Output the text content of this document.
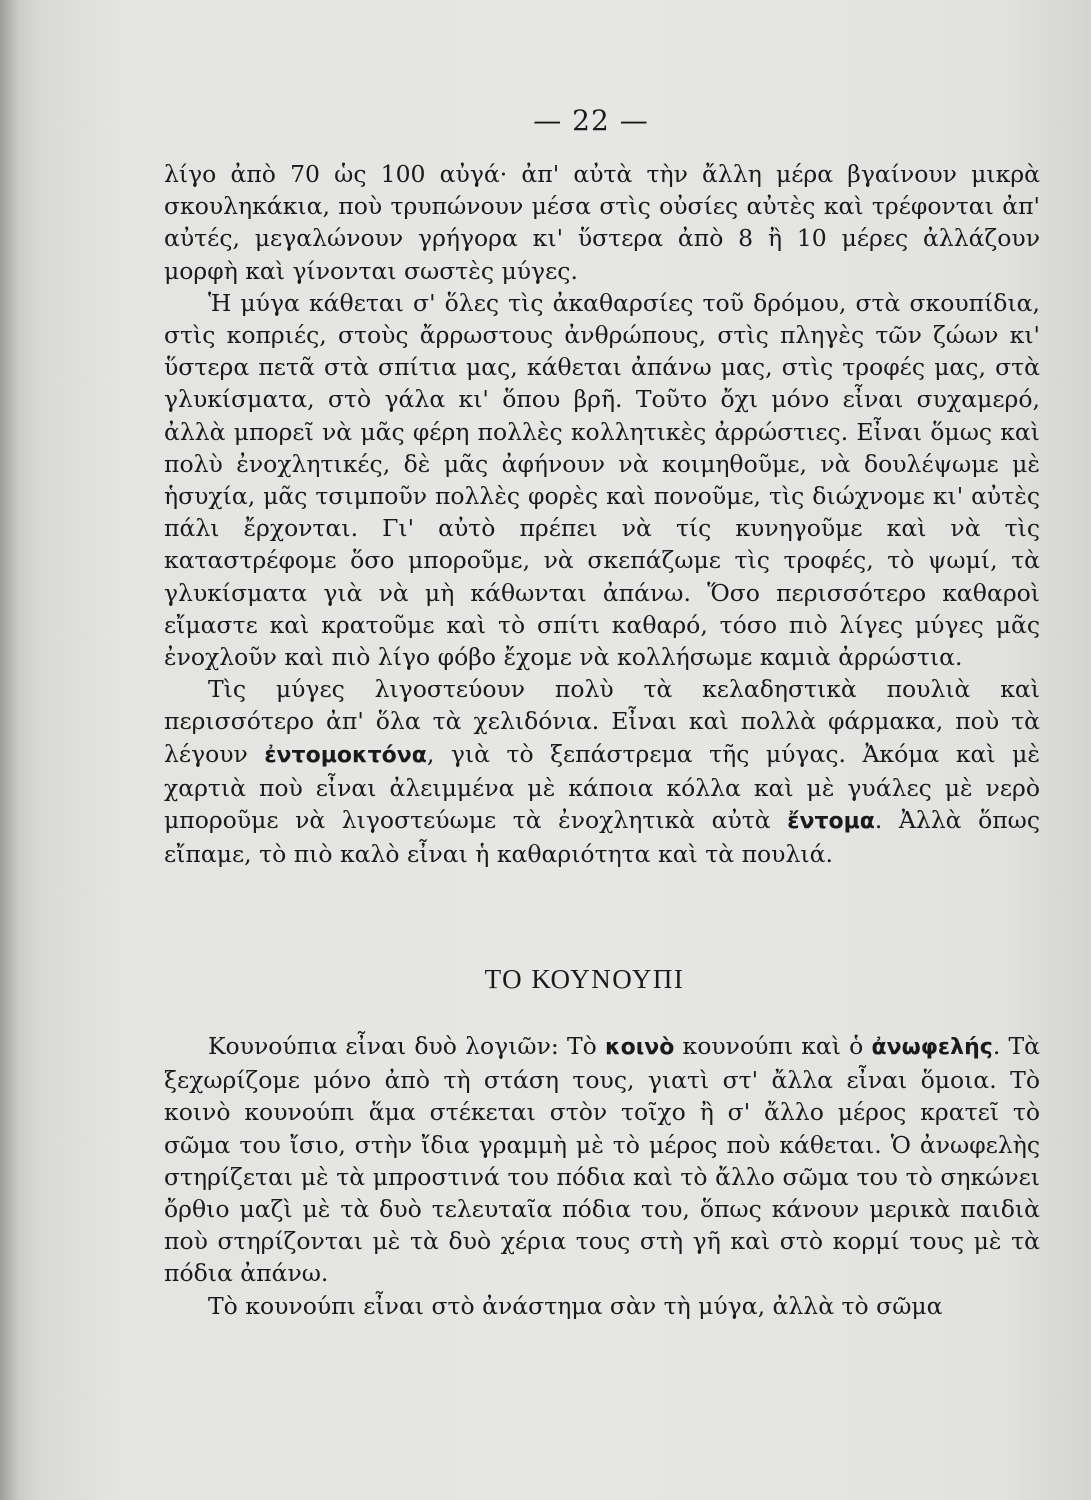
— 22 —

λίγο ἀπὸ 70 ὡς 100 αὐγά· ἀπ' αὐτὰ τὴν ἄλλη μέρα βγαίνουν μικρὰ σκουληκάκια, ποὺ τρυπώνουν μέσα στὶς οὐσίες αὐτὲς καὶ τρέφονται ἀπ' αὐτές, μεγαλώνουν γρήγορα κι' ὕστερα ἀπὸ 8 ἢ 10 μέρες ἀλλάζουν μορφὴ καὶ γίνονται σωστὲς μύγες.

Ἡ μύγα κάθεται σ' ὅλες τὶς ἀκαθαρσίες τοῦ δρόμου, στὰ σκουπίδια, στὶς κοπριές, στοὺς ἄρρωστους ἀνθρώπους, στὶς πληγὲς τῶν ζώων κι' ὕστερα πετᾶ στὰ σπίτια μας, κάθεται ἀπάνω μας, στὶς τροφές μας, στὰ γλυκίσματα, στὸ γάλα κι' ὅπου βρῆ. Τοῦτο ὄχι μόνο εἶναι συχαμερό, ἀλλὰ μπορεῖ νὰ μᾶς φέρη πολλὲς κολλητικὲς ἀρρώστιες. Εἶναι ὅμως καὶ πολὺ ἐνοχλητικές, δὲ μᾶς ἀφήνουν νὰ κοιμηθοῦμε, νὰ δουλέψωμε μὲ ἡσυχία, μᾶς τσιμποῦν πολλὲς φορὲς καὶ πονοῦμε, τὶς διώχνομε κι' αὐτὲς πάλι ἔρχονται. Γι' αὐτὸ πρέπει νὰ τίς κυνηγοῦμε καὶ νὰ τὶς καταστρέφομε ὅσο μποροῦμε, νὰ σκεπάζωμε τὶς τροφές, τὸ ψωμί, τὰ γλυκίσματα γιὰ νὰ μὴ κάθωνται ἀπάνω. Ὅσο περισσότερο καθαροὶ εἴμαστε καὶ κρατοῦμε καὶ τὸ σπίτι καθαρό, τόσο πιὸ λίγες μύγες μᾶς ἐνοχλοῦν καὶ πιὸ λίγο φόβο ἔχομε νὰ κολλήσωμε καμιὰ ἀρρώστια.

Τὶς μύγες λιγοστεύουν πολὺ τὰ κελαδηστικὰ πουλιὰ καὶ περισσότερο ἀπ' ὅλα τὰ χελιδόνια. Εἶναι καὶ πολλὰ φάρμακα, ποὺ τὰ λέγουν ἐντομοκτόνα, γιὰ τὸ ξεπάστρεμα τῆς μύγας. Ἀκόμα καὶ μὲ χαρτιὰ ποὺ εἶναι ἀλειμμένα μὲ κάποια κόλλα καὶ μὲ γυάλες μὲ νερὸ μποροῦμε νὰ λιγοστεύωμε τὰ ἐνοχλητικὰ αὐτὰ ἔντομα. Ἀλλὰ ὅπως εἴπαμε, τὸ πιὸ καλὸ εἶναι ἡ καθαριότητα καὶ τὰ πουλιά.

ΤΟ ΚΟΥΝΟΥΠΙ

Κουνούπια εἶναι δυὸ λογιῶν: Τὸ κοινὸ κουνούπι καὶ ὁ ἀνωφελής. Τὰ ξεχωρίζομε μόνο ἀπὸ τὴ στάση τους, γιατὶ στ' ἄλλα εἶναι ὅμοια. Τὸ κοινὸ κουνούπι ἅμα στέκεται στὸν τοῖχο ἢ σ' ἄλλο μέρος κρατεῖ τὸ σῶμα του ἴσιο, στὴν ἴδια γραμμὴ μὲ τὸ μέρος ποὺ κάθεται. Ὁ ἀνωφελὴς στηρίζεται μὲ τὰ μπροστινά του πόδια καὶ τὸ ἄλλο σῶμα του τὸ σηκώνει ὄρθιο μαζὶ μὲ τὰ δυὸ τελευταῖα πόδια του, ὅπως κάνουν μερικὰ παιδιὰ ποὺ στηρίζονται μὲ τὰ δυὸ χέρια τους στὴ γῆ καὶ στὸ κορμί τους μὲ τὰ πόδια ἀπάνω.

Τὸ κουνούπι εἶναι στὸ ἀνάστημα σὰν τὴ μύγα, ἀλλὰ τὸ σῶμα
